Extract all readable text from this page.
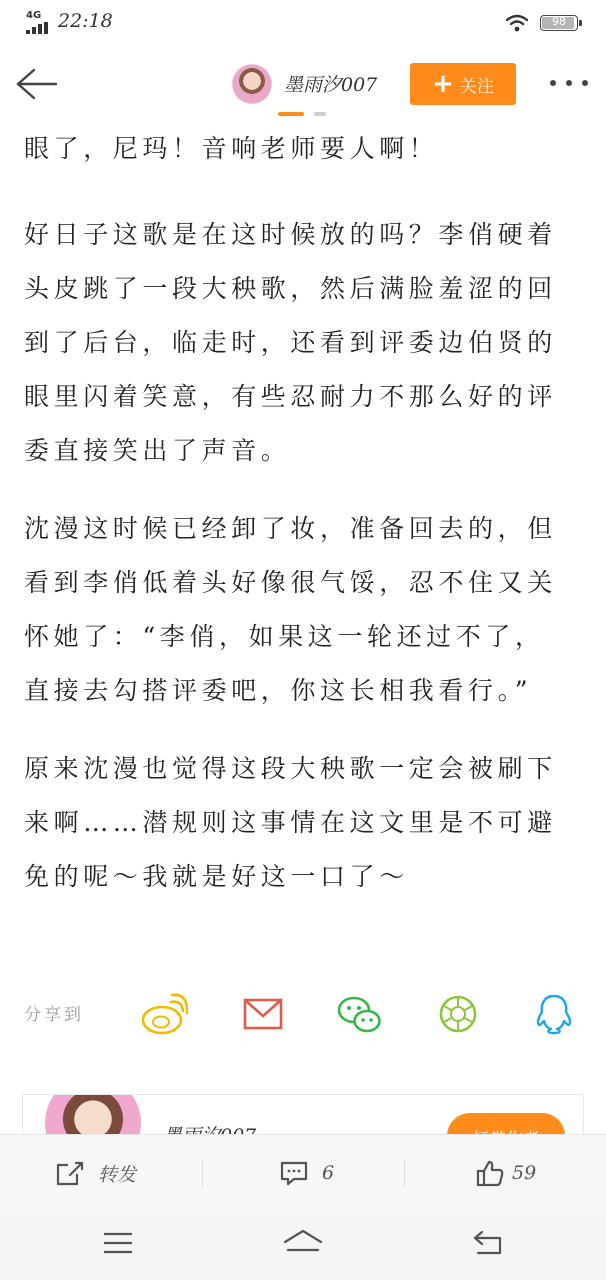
4G 22:18	98
墨雨汐007 + 关注

眼了，尼玛！音响老师要人啊！

好日子这歌是在这时候放的吗？李俏硬着头皮跳了一段大秧歌，然后满脸羞涩的回到了后台，临走时，还看到评委边伯贤的眼里闪着笑意，有些忍耐力不那么好的评委直接笑出了声音。

沈漫这时候已经卸了妆，准备回去的，但看到李俏低着头好像很气馁，忍不住又关怀她了：“李俏，如果这一轮还过不了，直接去勾搭评委吧，你这长相我看行。”

原来沈漫也觉得这段大秧歌一定会被刷下来啊……潜规则这事情在这文里是不可避免的呢～我就是好这一口了～

分享到
转发	6	59
